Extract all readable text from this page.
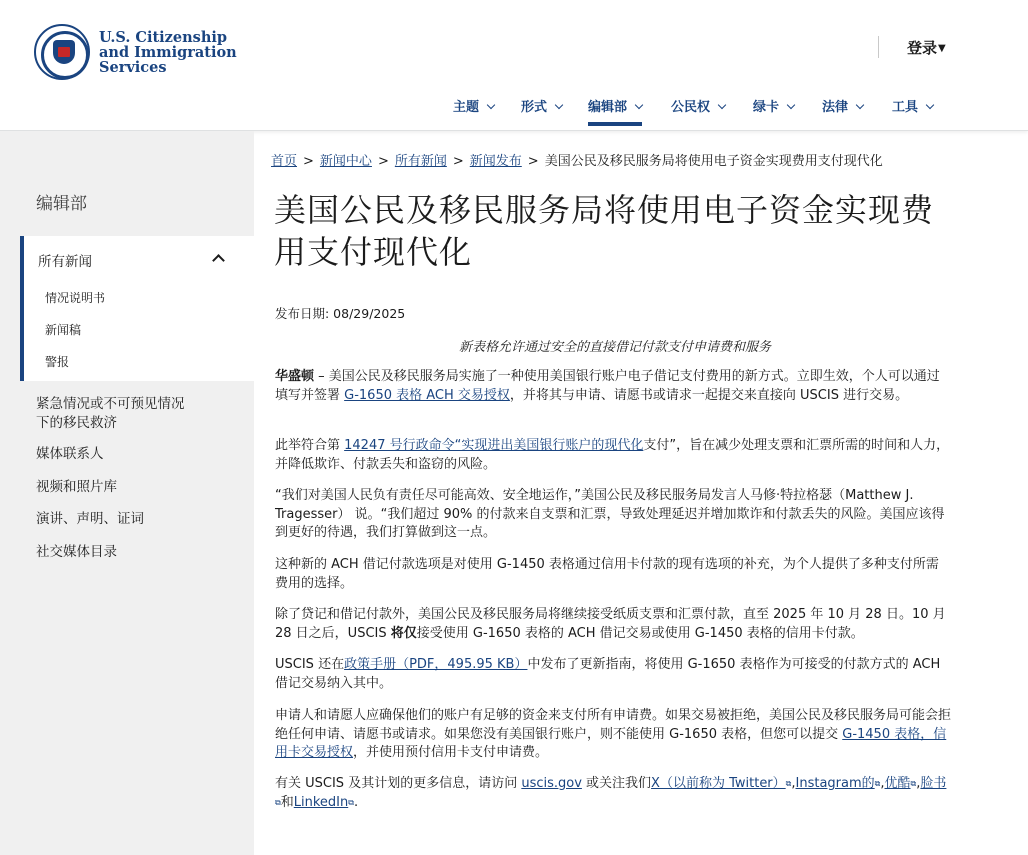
U.S. Citizenship
and Immigration
Services
登录▼
主题	形式	编辑部	公民权	绿卡	法律	工具
编辑部
所有新闻
情况说明书
新闻稿
警报
紧急情况或不可预见情况
下的移民救济
媒体联系人
视频和照片库
演讲、声明、证词
社交媒体目录
首页 > 新闻中心 > 所有新闻 > 新闻发布 > 美国公民及移民服务局将使用电子资金实现费用支付现代化
美国公民及移民服务局将使用电子资金实现费用支付现代化
发布日期: 08/29/2025
新表格允许通过安全的直接借记付款支付申请费和服务
华盛顿 – 美国公民及移民服务局实施了一种使用美国银行账户电子借记支付费用的新方式。立即生效，个人可以通过填写并签署 G-1650 表格 ACH 交易授权，并将其与申请、请愿书或请求一起提交来直接向 USCIS 进行交易。
此举符合第 14247 号行政命令“实现进出美国银行账户的现代化支付”，旨在减少处理支票和汇票所需的时间和人力，并降低欺诈、付款丢失和盗窃的风险。
“我们对美国人民负有责任尽可能高效、安全地运作，”美国公民及移民服务局发言人马修·特拉格瑟（Matthew J. Tragesser） 说。“我们超过 90% 的付款来自支票和汇票，导致处理延迟并增加欺诈和付款丢失的风险。美国应该得到更好的待遇，我们打算做到这一点。
这种新的 ACH 借记付款选项是对使用 G-1450 表格通过信用卡付款的现有选项的补充，为个人提供了多种支付所需费用的选择。
除了贷记和借记付款外，美国公民及移民服务局将继续接受纸质支票和汇票付款，直至 2025 年 10 月 28 日。10 月 28 日之后，USCIS 将仅接受使用 G-1650 表格的 ACH 借记交易或使用 G-1450 表格的信用卡付款。
USCIS 还在政策手册（PDF，495.95 KB）中发布了更新指南，将使用 G-1650 表格作为可接受的付款方式的 ACH 借记交易纳入其中。
申请人和请愿人应确保他们的账户有足够的资金来支付所有申请费。如果交易被拒绝，美国公民及移民服务局可能会拒绝任何申请、请愿书或请求。如果您没有美国银行账户，则不能使用 G-1650 表格，但您可以提交 G-1450 表格，信用卡交易授权，并使用预付信用卡支付申请费。
有关 USCIS 及其计划的更多信息，请访问 uscis.gov 或关注我们X（以前称为 Twitter）⧉,Instagram的⧉,优酷⧉,脸书⧉和LinkedIn⧉.
